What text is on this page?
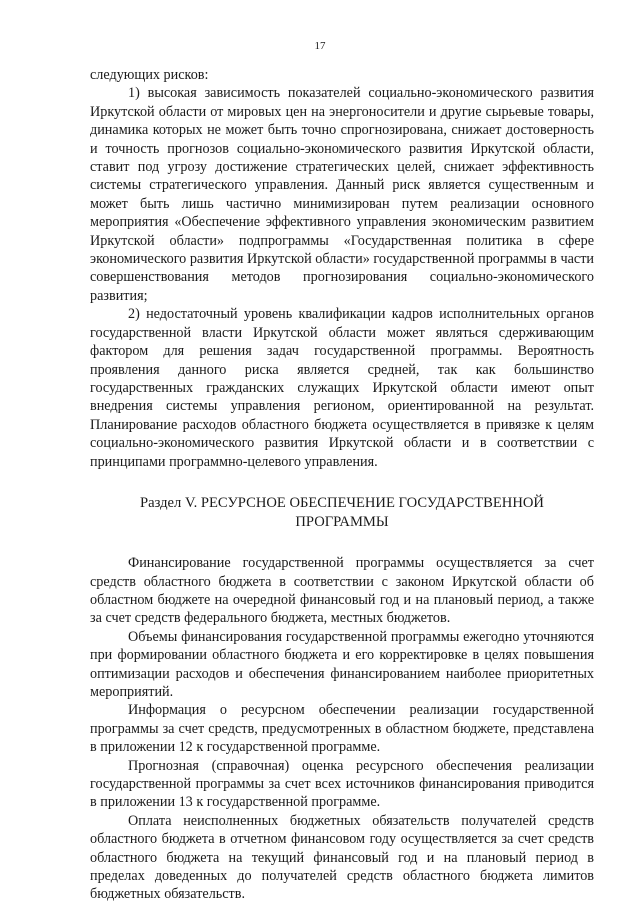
17

следующих рисков:

1) высокая зависимость показателей социально-экономического развития Иркутской области от мировых цен на энергоносители и другие сырьевые товары, динамика которых не может быть точно спрогнозирована, снижает достоверность и точность прогнозов социально-экономического развития Иркутской области, ставит под угрозу достижение стратегических целей, снижает эффективность системы стратегического управления. Данный риск является существенным и может быть лишь частично минимизирован путем реализации основного мероприятия «Обеспечение эффективного управления экономическим развитием Иркутской области» подпрограммы «Государственная политика в сфере экономического развития Иркутской области» государственной программы в части совершенствования методов прогнозирования социально-экономического развития;

2) недостаточный уровень квалификации кадров исполнительных органов государственной власти Иркутской области может являться сдерживающим фактором для решения задач государственной программы. Вероятность проявления данного риска является средней, так как большинство государственных гражданских служащих Иркутской области имеют опыт внедрения системы управления регионом, ориентированной на результат. Планирование расходов областного бюджета осуществляется в привязке к целям социально-экономического развития Иркутской области и в соответствии с принципами программно-целевого управления.

Раздел V. РЕСУРСНОЕ ОБЕСПЕЧЕНИЕ ГОСУДАРСТВЕННОЙ ПРОГРАММЫ

Финансирование государственной программы осуществляется за счет средств областного бюджета в соответствии с законом Иркутской области об областном бюджете на очередной финансовый год и на плановый период, а также за счет средств федерального бюджета, местных бюджетов.

Объемы финансирования государственной программы ежегодно уточняются при формировании областного бюджета и его корректировке в целях повышения оптимизации расходов и обеспечения финансированием наиболее приоритетных мероприятий.

Информация о ресурсном обеспечении реализации государственной программы за счет средств, предусмотренных в областном бюджете, представлена в приложении 12 к государственной программе.

Прогнозная (справочная) оценка ресурсного обеспечения реализации государственной программы за счет всех источников финансирования приводится в приложении 13 к государственной программе.

Оплата неисполненных бюджетных обязательств получателей средств областного бюджета в отчетном финансовом году осуществляется за счет средств областного бюджета на текущий финансовый год и на плановый период в пределах доведенных до получателей средств областного бюджета лимитов бюджетных обязательств.
